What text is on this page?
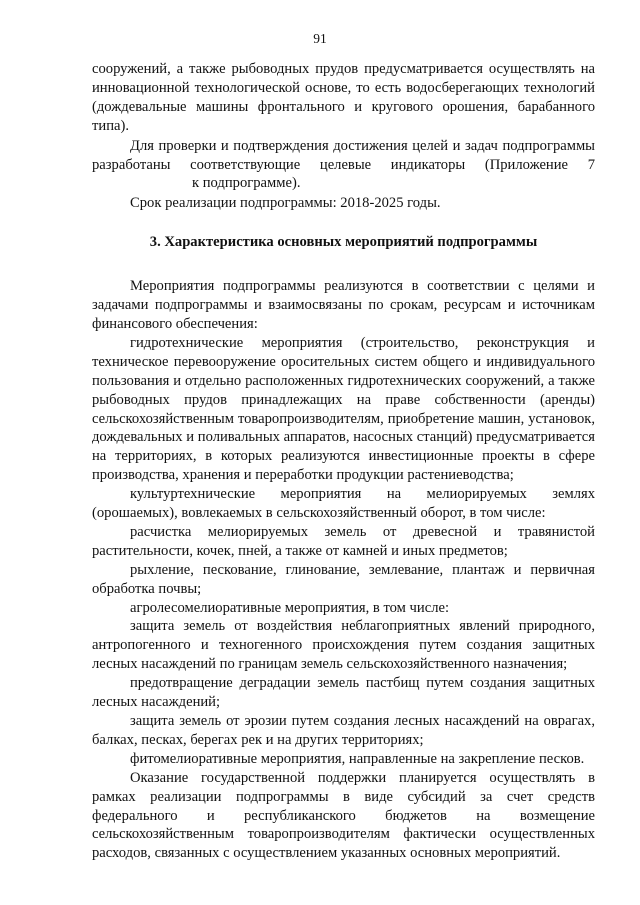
91

сооружений, а также рыбоводных прудов предусматривается осуществлять на инновационной технологической основе, то есть водосберегающих технологий (дождевальные машины фронтального и кругового орошения, барабанного типа).

Для проверки и подтверждения достижения целей и задач подпрограммы разработаны соответствующие целевые индикаторы (Приложение 7к подпрограмме).

Срок реализации подпрограммы: 2018-2025 годы.

3. Характеристика основных мероприятий подпрограммы

Мероприятия подпрограммы реализуются в соответствии с целями и задачами подпрограммы и взаимосвязаны по срокам, ресурсам и источникам финансового обеспечения:

гидротехнические мероприятия (строительство, реконструкция и техническое перевооружение оросительных систем общего и индивидуального пользования и отдельно расположенных гидротехнических сооружений, а также рыбоводных прудов принадлежащих на праве собственности (аренды) сельскохозяйственным товаропроизводителям, приобретение машин, установок, дождевальных и поливальных аппаратов, насосных станций) предусматривается на территориях, в которых реализуются инвестиционные проекты в сфере производства, хранения и переработки продукции растениеводства;

культуртехнические мероприятия на мелиорируемых землях (орошаемых), вовлекаемых в сельскохозяйственный оборот, в том числе:

расчистка мелиорируемых земель от древесной и травянистой растительности, кочек, пней, а также от камней и иных предметов;

рыхление, пескование, глинование, землевание, плантаж и первичная обработка почвы;

агролесомелиоративные мероприятия, в том числе:

защита земель от воздействия неблагоприятных явлений природного, антропогенного и техногенного происхождения путем создания защитных лесных насаждений по границам земель сельскохозяйственного назначения;

предотвращение деградации земель пастбищ путем создания защитных лесных насаждений;

защита земель от эрозии путем создания лесных насаждений на оврагах, балках, песках, берегах рек и на других территориях;

фитомелиоративные мероприятия, направленные на закрепление песков.

Оказание государственной поддержки планируется осуществлять в рамках реализации подпрограммы в виде субсидий за счет средств федерального и республиканского бюджетов на возмещение сельскохозяйственным товаропроизводителям фактически осуществленных расходов, связанных с осуществлением указанных основных мероприятий.
